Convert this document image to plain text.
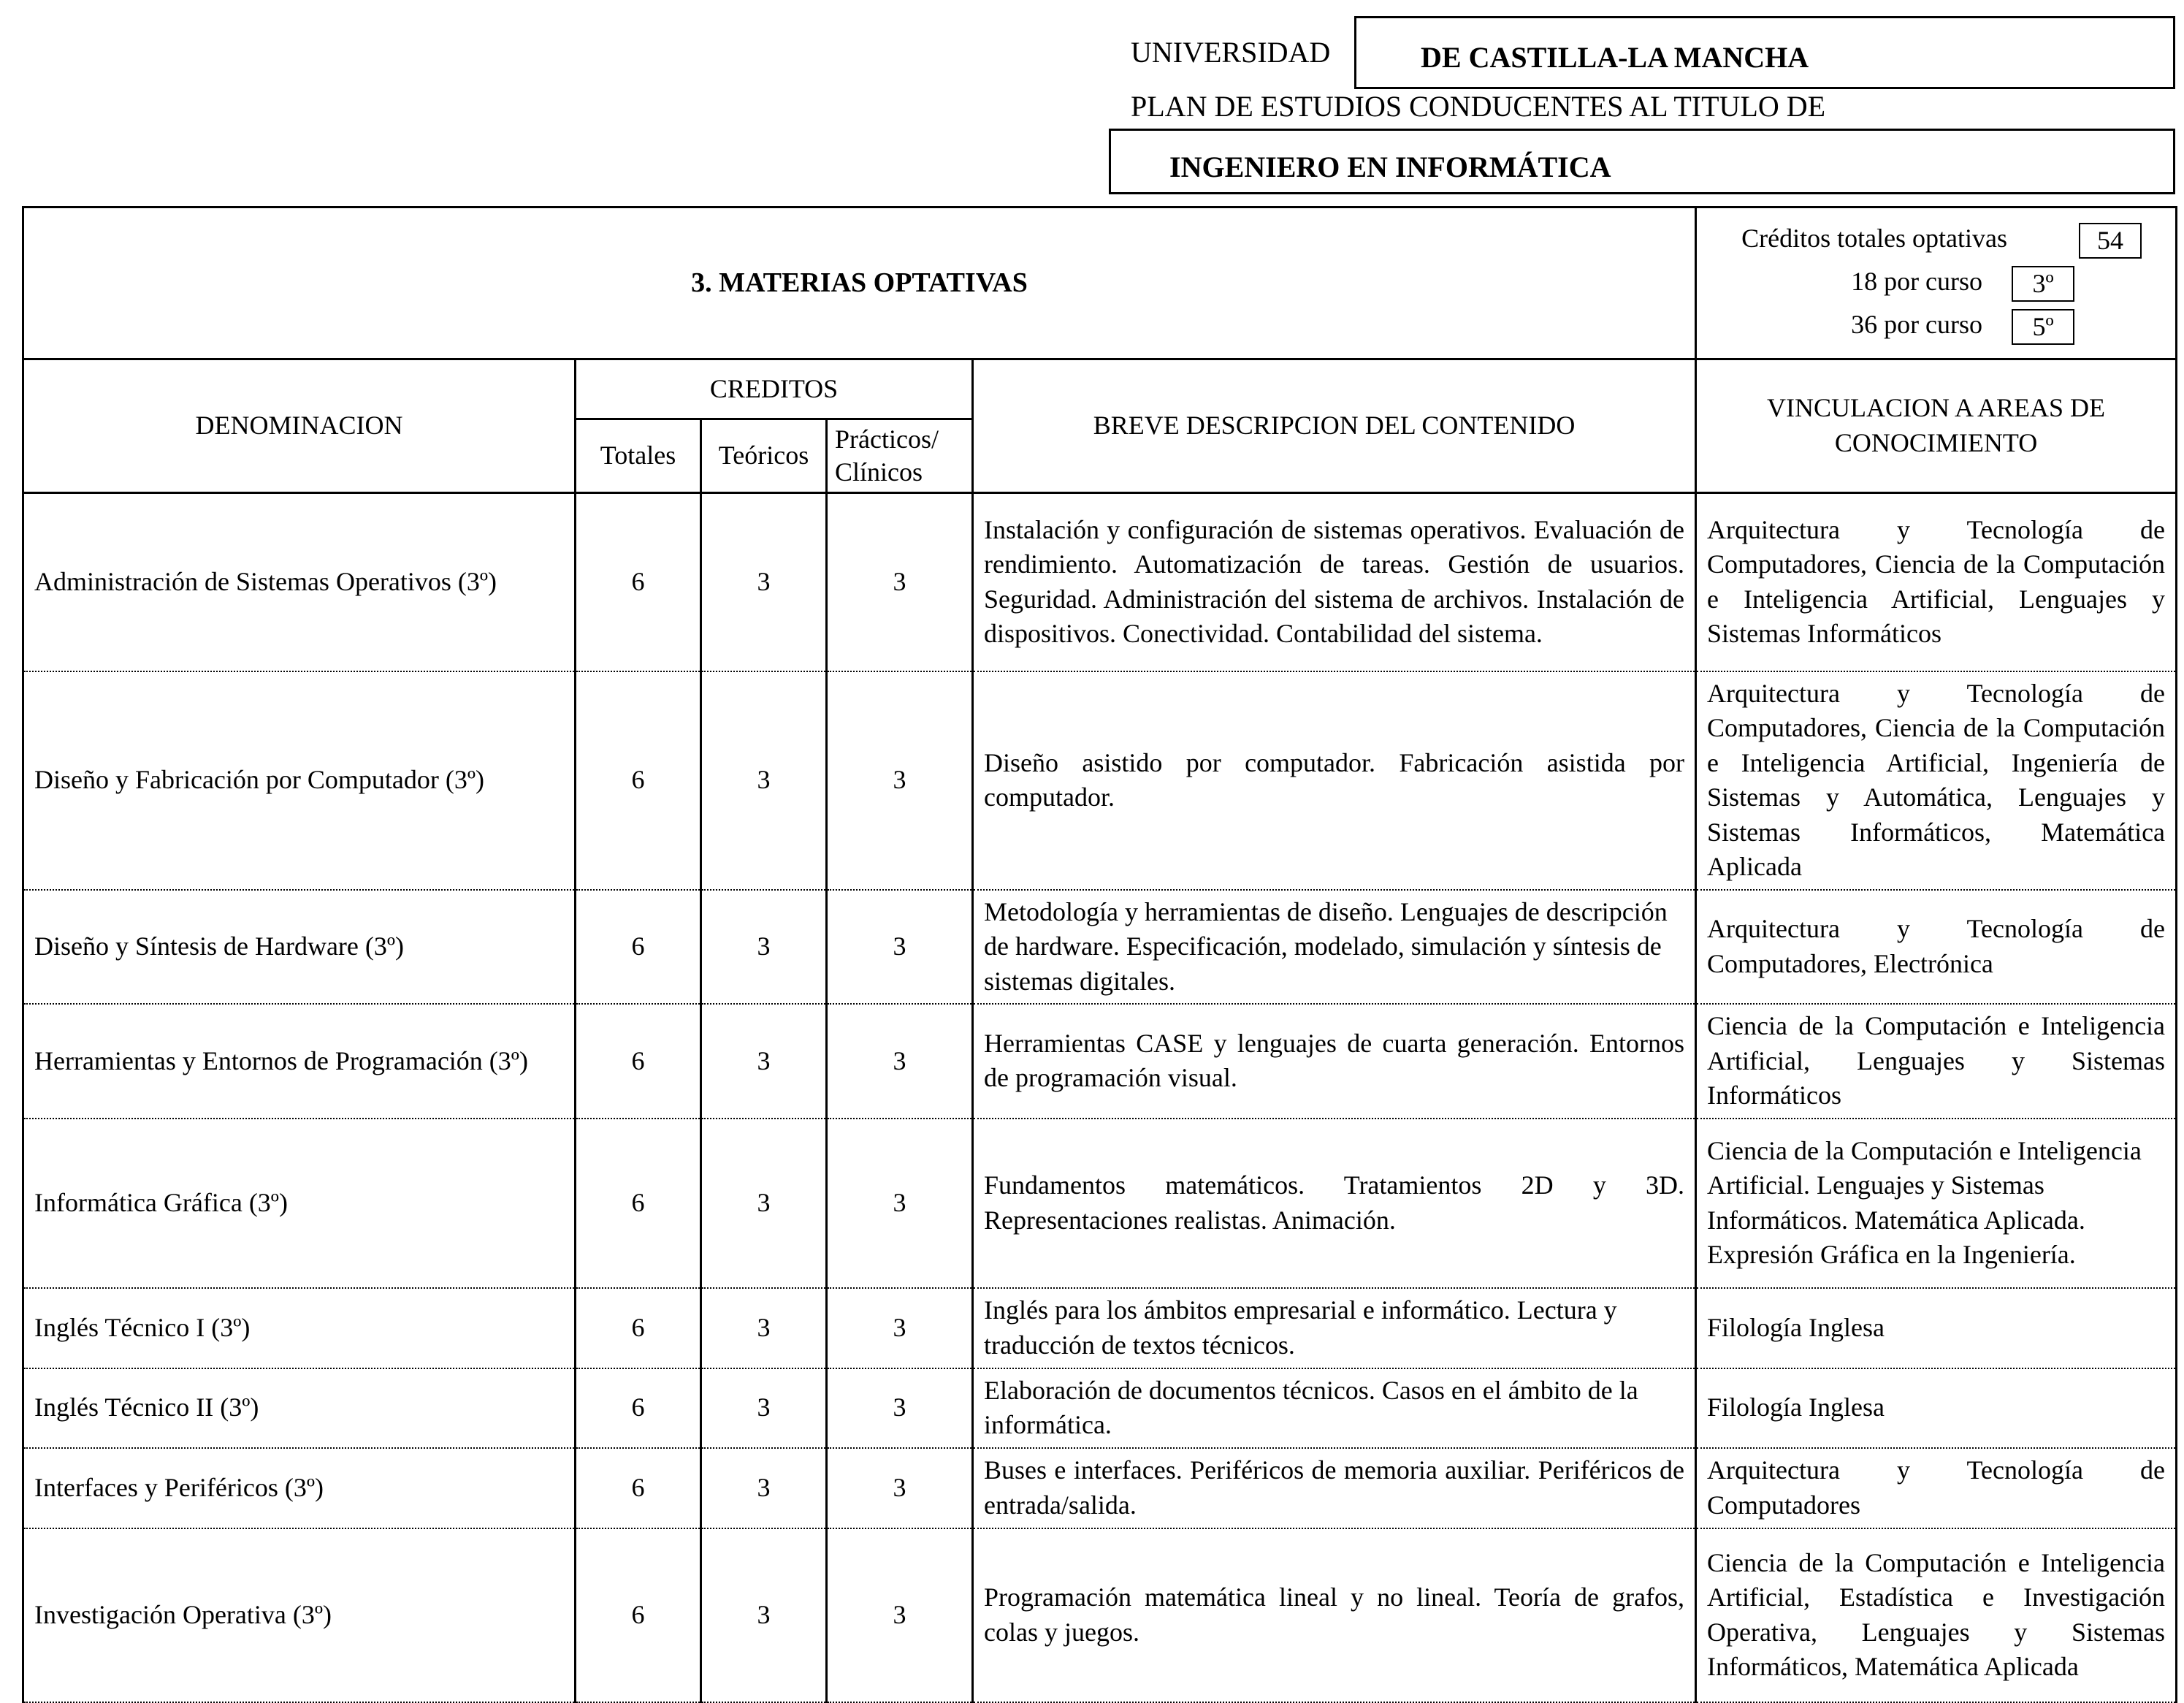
UNIVERSIDAD	DE CASTILLA-LA MANCHA
PLAN DE ESTUDIOS CONDUCENTES AL TITULO DE
INGENIERO EN INFORMÁTICA
3. MATERIAS OPTATIVAS					Créditos totales optativas 54
18 por curso 3º
36 por curso 5º

DENOMINACION	CREDITOS			BREVE DESCRIPCION DEL CONTENIDO	VINCULACION A AREAS DE CONOCIMIENTO
	Totales	Teóricos	Prácticos/ Clínicos		
Administración de Sistemas Operativos (3º)	6	3	3	Instalación y configuración de sistemas operativos. Evaluación de rendimiento. Automatización de tareas. Gestión de usuarios. Seguridad. Administración del sistema de archivos. Instalación de dispositivos. Conectividad. Contabilidad del sistema.	Arquitectura y Tecnología de Computadores, Ciencia de la Computación e Inteligencia Artificial, Lenguajes y Sistemas Informáticos
Diseño y Fabricación por Computador (3º)	6	3	3	Diseño asistido por computador. Fabricación asistida por computador.	Arquitectura y Tecnología de Computadores, Ciencia de la Computación e Inteligencia Artificial, Ingeniería de Sistemas y Automática, Lenguajes y Sistemas Informáticos, Matemática Aplicada
Diseño y Síntesis de Hardware (3º)	6	3	3	Metodología y herramientas de diseño. Lenguajes de descripción de hardware. Especificación, modelado, simulación y síntesis de sistemas digitales.	Arquitectura y Tecnología de Computadores, Electrónica
Herramientas y Entornos de Programación (3º)	6	3	3	Herramientas CASE y lenguajes de cuarta generación. Entornos de programación visual.	Ciencia de la Computación e Inteligencia Artificial, Lenguajes y Sistemas Informáticos
Informática Gráfica (3º)	6	3	3	Fundamentos matemáticos. Tratamientos 2D y 3D. Representaciones realistas. Animación.	Ciencia de la Computación e Inteligencia Artificial. Lenguajes y Sistemas Informáticos. Matemática Aplicada. Expresión Gráfica en la Ingeniería.
Inglés Técnico I (3º)	6	3	3	Inglés para los ámbitos empresarial e informático. Lectura y traducción de textos técnicos.	Filología Inglesa
Inglés Técnico II (3º)	6	3	3	Elaboración de documentos técnicos. Casos en el ámbito de la informática.	Filología Inglesa
Interfaces y Periféricos (3º)	6	3	3	Buses e interfaces. Periféricos de memoria auxiliar. Periféricos de entrada/salida.	Arquitectura y Tecnología de Computadores
Investigación Operativa (3º)	6	3	3	Programación matemática lineal y no lineal. Teoría de grafos, colas y juegos.	Ciencia de la Computación e Inteligencia Artificial, Estadística e Investigación Operativa, Lenguajes y Sistemas Informáticos, Matemática Aplicada
